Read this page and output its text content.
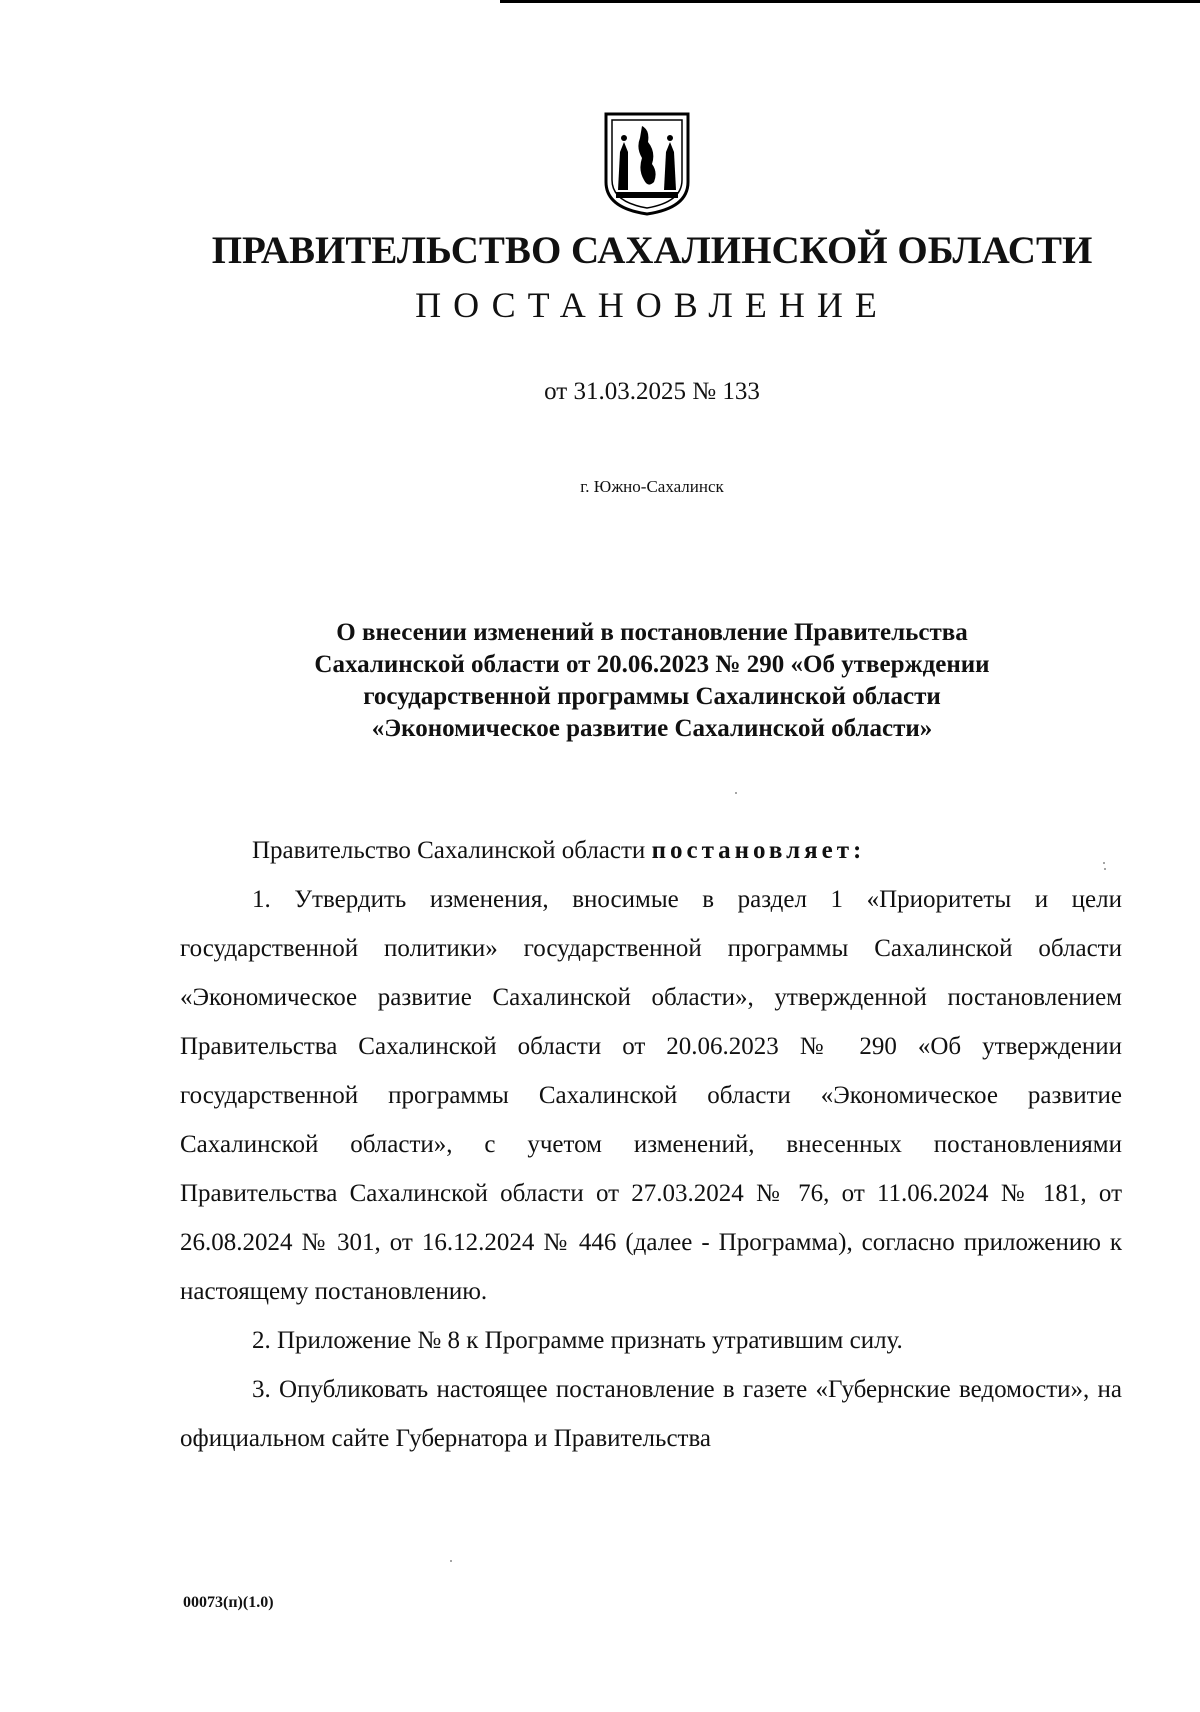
ПРАВИТЕЛЬСТВО САХАЛИНСКОЙ ОБЛАСТИ
ПОСТАНОВЛЕНИЕ
от 31.03.2025 № 133
г. Южно-Сахалинск
О внесении изменений в постановление Правительства
Сахалинской области от 20.06.2023 № 290 «Об утверждении
государственной программы Сахалинской области
«Экономическое развитие Сахалинской области»

Правительство Сахалинской области постановляет:

1. Утвердить изменения, вносимые в раздел 1 «Приоритеты и цели государственной политики» государственной программы Сахалинской области «Экономическое развитие Сахалинской области», утвержденной постановлением Правительства Сахалинской области от 20.06.2023 № 290 «Об утверждении государственной программы Сахалинской области «Экономическое развитие Сахалинской области», с учетом изменений, внесенных постановлениями Правительства Сахалинской области от 27.03.2024 № 76, от 11.06.2024 № 181, от 26.08.2024 № 301, от 16.12.2024 № 446 (далее - Программа), согласно приложению к настоящему постановлению.

2. Приложение № 8 к Программе признать утратившим силу.

3. Опубликовать настоящее постановление в газете «Губернские ведомости», на официальном сайте Губернатора и Правительства

00073(п)(1.0)
